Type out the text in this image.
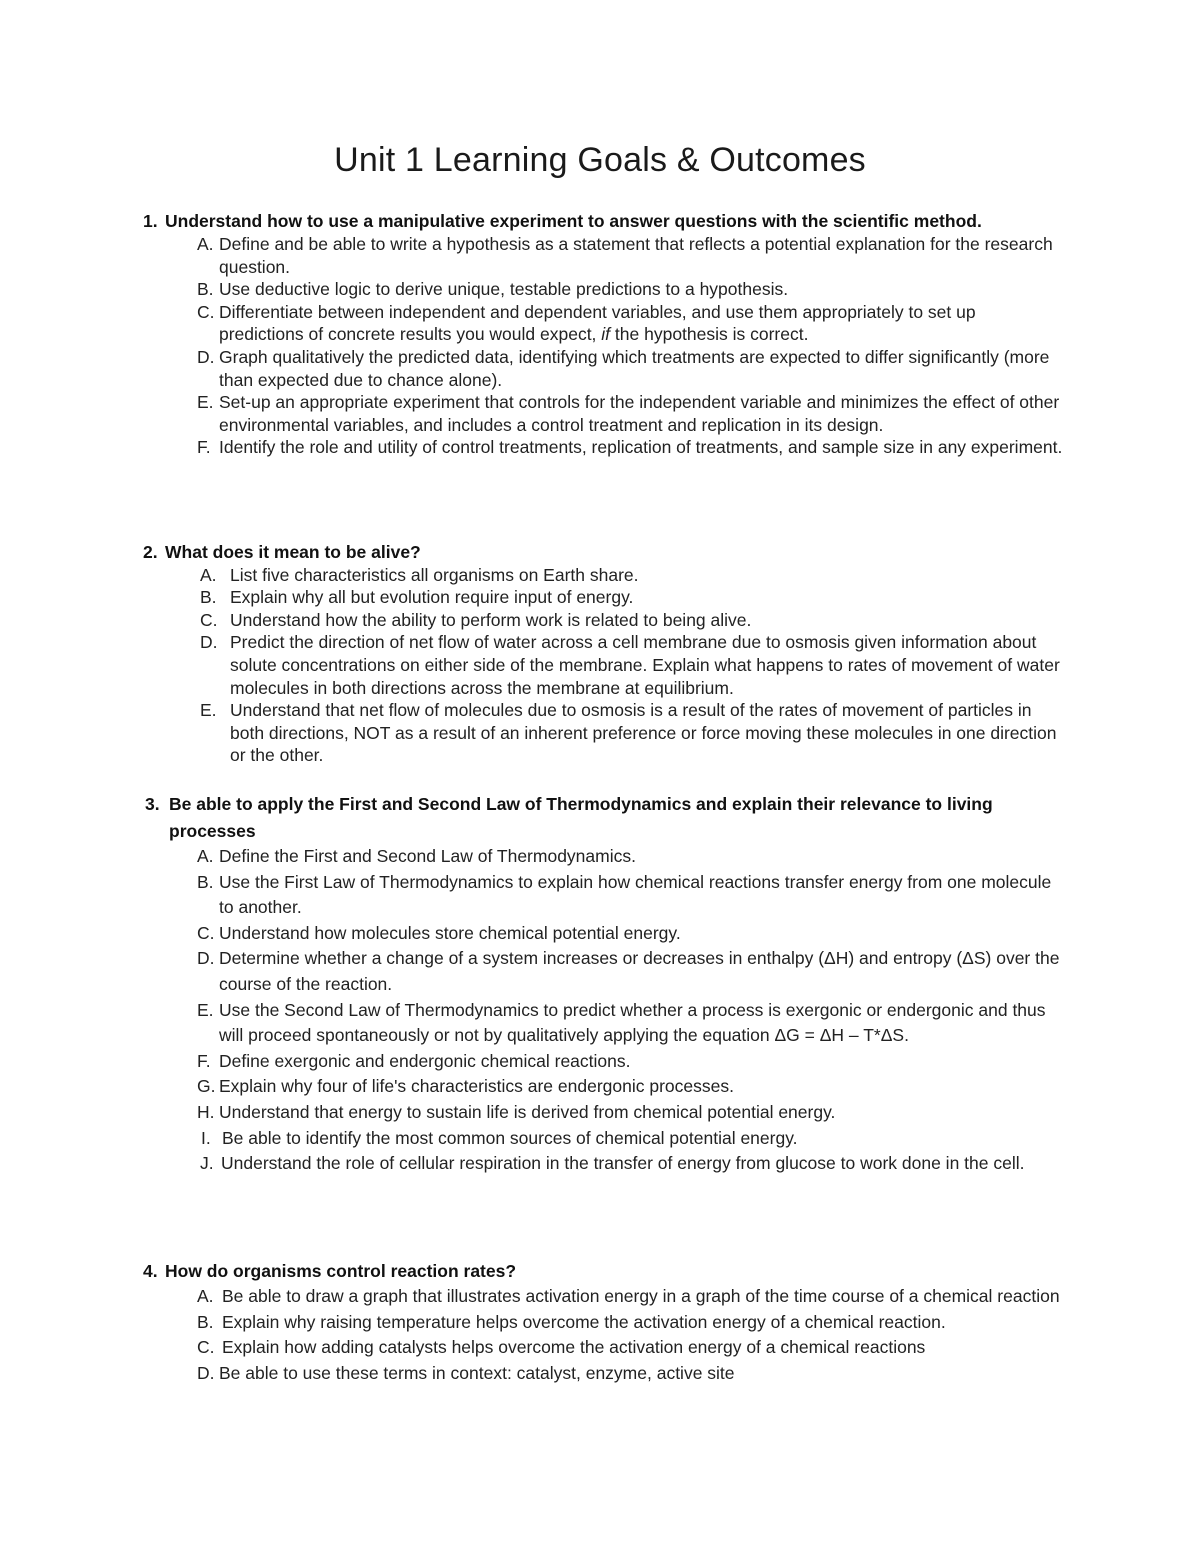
Unit 1 Learning Goals & Outcomes
1. Understand how to use a manipulative experiment to answer questions with the scientific method.
A. Define and be able to write a hypothesis as a statement that reflects a potential explanation for the research question.
B. Use deductive logic to derive unique, testable predictions to a hypothesis.
C. Differentiate between independent and dependent variables, and use them appropriately to set up predictions of concrete results you would expect, if the hypothesis is correct.
D. Graph qualitatively the predicted data, identifying which treatments are expected to differ significantly (more than expected due to chance alone).
E. Set-up an appropriate experiment that controls for the independent variable and minimizes the effect of other environmental variables, and includes a control treatment and replication in its design.
F. Identify the role and utility of control treatments, replication of treatments, and sample size in any experiment.
2. What does it mean to be alive?
A. List five characteristics all organisms on Earth share.
B. Explain why all but evolution require input of energy.
C. Understand how the ability to perform work is related to being alive.
D. Predict the direction of net flow of water across a cell membrane due to osmosis given information about solute concentrations on either side of the membrane. Explain what happens to rates of movement of water molecules in both directions across the membrane at equilibrium.
E. Understand that net flow of molecules due to osmosis is a result of the rates of movement of particles in both directions, NOT as a result of an inherent preference or force moving these molecules in one direction or the other.
3. Be able to apply the First and Second Law of Thermodynamics and explain their relevance to living processes
A. Define the First and Second Law of Thermodynamics.
B. Use the First Law of Thermodynamics to explain how chemical reactions transfer energy from one molecule to another.
C. Understand how molecules store chemical potential energy.
D. Determine whether a change of a system increases or decreases in enthalpy (ΔH) and entropy (ΔS) over the course of the reaction.
E. Use the Second Law of Thermodynamics to predict whether a process is exergonic or endergonic and thus will proceed spontaneously or not by qualitatively applying the equation ΔG = ΔH – T*ΔS.
F. Define exergonic and endergonic chemical reactions.
G. Explain why four of life's characteristics are endergonic processes.
H. Understand that energy to sustain life is derived from chemical potential energy.
I. Be able to identify the most common sources of chemical potential energy.
J. Understand the role of cellular respiration in the transfer of energy from glucose to work done in the cell.
4. How do organisms control reaction rates?
A. Be able to draw a graph that illustrates activation energy in a graph of the time course of a chemical reaction
B. Explain why raising temperature helps overcome the activation energy of a chemical reaction.
C. Explain how adding catalysts helps overcome the activation energy of a chemical reactions
D. Be able to use these terms in context: catalyst, enzyme, active site
